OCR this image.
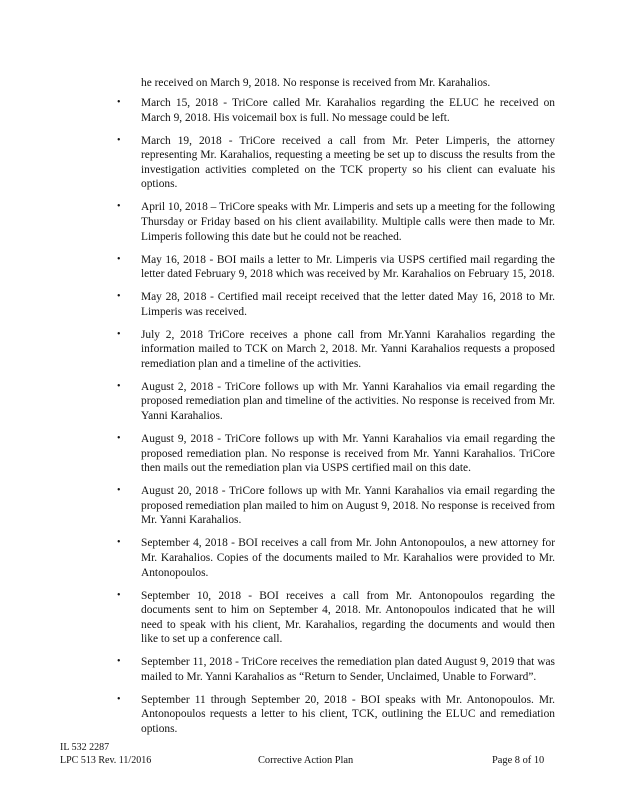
he received on March 9, 2018. No response is received from Mr. Karahalios.

•	March 15, 2018 - TriCore called Mr. Karahalios regarding the ELUC he received on March 9, 2018. His voicemail box is full. No message could be left.
•	March 19, 2018 - TriCore received a call from Mr. Peter Limperis, the attorney representing Mr. Karahalios, requesting a meeting be set up to discuss the results from the investigation activities completed on the TCK property so his client can evaluate his options.
•	April 10, 2018 – TriCore speaks with Mr. Limperis and sets up a meeting for the following Thursday or Friday based on his client availability. Multiple calls were then made to Mr. Limperis following this date but he could not be reached.
•	May 16, 2018 - BOI mails a letter to Mr. Limperis via USPS certified mail regarding the letter dated February 9, 2018 which was received by Mr. Karahalios on February 15, 2018.
•	May 28, 2018 - Certified mail receipt received that the letter dated May 16, 2018 to Mr. Limperis was received.
•	July 2, 2018 TriCore receives a phone call from Mr.Yanni Karahalios regarding the information mailed to TCK on March 2, 2018. Mr. Yanni Karahalios requests a proposed remediation plan and a timeline of the activities.
•	August 2, 2018 - TriCore follows up with Mr. Yanni Karahalios via email regarding the proposed remediation plan and timeline of the activities. No response is received from Mr. Yanni Karahalios.
•	August 9, 2018 - TriCore follows up with Mr. Yanni Karahalios via email regarding the proposed remediation plan. No response is received from Mr. Yanni Karahalios. TriCore then mails out the remediation plan via USPS certified mail on this date.
•	August 20, 2018 - TriCore follows up with Mr. Yanni Karahalios via email regarding the proposed remediation plan mailed to him on August 9, 2018. No response is received from Mr. Yanni Karahalios.
•	September 4, 2018 - BOI receives a call from Mr. John Antonopoulos, a new attorney for Mr. Karahalios. Copies of the documents mailed to Mr. Karahalios were provided to Mr. Antonopoulos.
•	September 10, 2018 - BOI receives a call from Mr. Antonopoulos regarding the documents sent to him on September 4, 2018. Mr. Antonopoulos indicated that he will need to speak with his client, Mr. Karahalios, regarding the documents and would then like to set up a conference call.
•	September 11, 2018 - TriCore receives the remediation plan dated August 9, 2019 that was mailed to Mr. Yanni Karahalios as “Return to Sender, Unclaimed, Unable to Forward”.
•	September 11 through September 20, 2018 - BOI speaks with Mr. Antonopoulos. Mr. Antonopoulos requests a letter to his client, TCK, outlining the ELUC and remediation options.
IL 532 2287
LPC 513 Rev. 11/2016	Corrective Action Plan	Page 8 of 10
